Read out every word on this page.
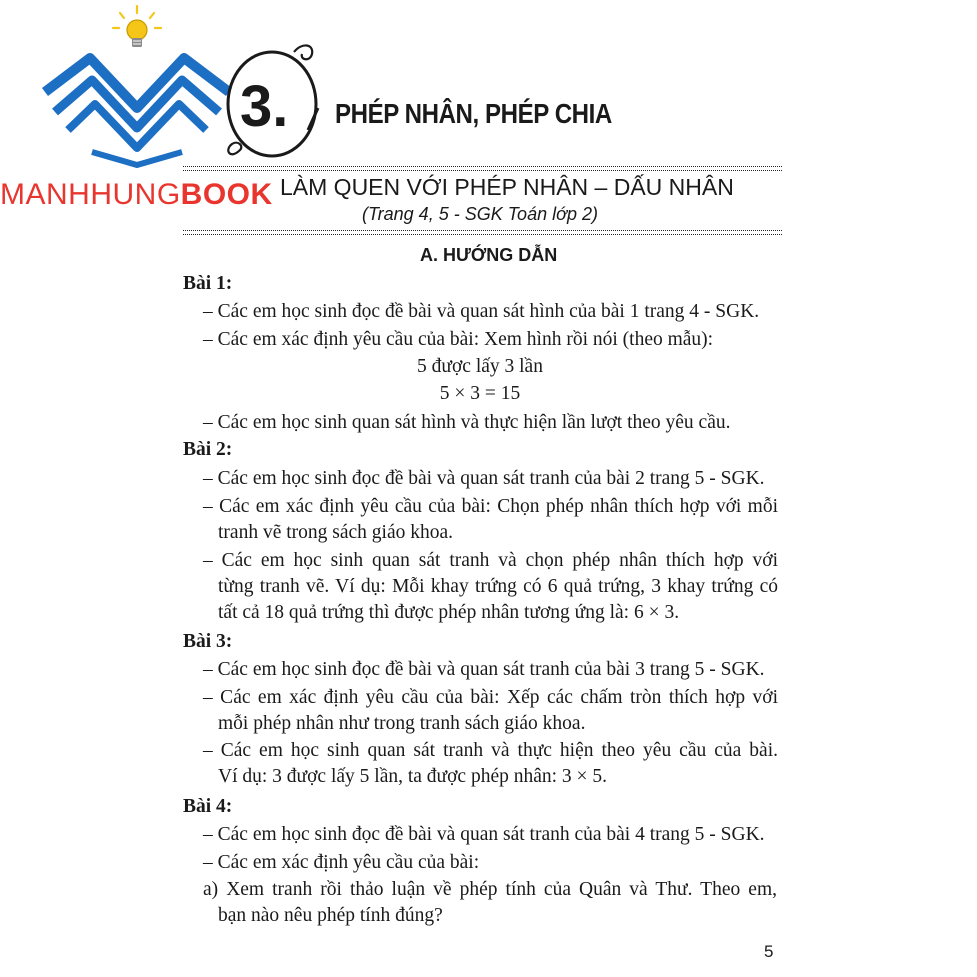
MANHHUNGBOOK
3. PHÉP NHÂN, PHÉP CHIA
LÀM QUEN VỚI PHÉP NHÂN – DẤU NHÂN
(Trang 4, 5 - SGK Toán lớp 2)
A. HƯỚNG DẪN
Bài 1:
– Các em học sinh đọc đề bài và quan sát hình của bài 1 trang 4 - SGK.
– Các em xác định yêu cầu của bài: Xem hình rồi nói (theo mẫu):
5 được lấy 3 lần
5 × 3 = 15
– Các em học sinh quan sát hình và thực hiện lần lượt theo yêu cầu.
Bài 2:
– Các em học sinh đọc đề bài và quan sát tranh của bài 2 trang 5 - SGK.
– Các em xác định yêu cầu của bài: Chọn phép nhân thích hợp với mỗi
tranh vẽ trong sách giáo khoa.
– Các em học sinh quan sát tranh và chọn phép nhân thích hợp với
từng tranh vẽ. Ví dụ: Mỗi khay trứng có 6 quả trứng, 3 khay trứng có
tất cả 18 quả trứng thì được phép nhân tương ứng là: 6 × 3.
Bài 3:
– Các em học sinh đọc đề bài và quan sát tranh của bài 3 trang 5 - SGK.
– Các em xác định yêu cầu của bài: Xếp các chấm tròn thích hợp với
mỗi phép nhân như trong tranh sách giáo khoa.
– Các em học sinh quan sát tranh và thực hiện theo yêu cầu của bài.
Ví dụ: 3 được lấy 5 lần, ta được phép nhân: 3 × 5.
Bài 4:
– Các em học sinh đọc đề bài và quan sát tranh của bài 4 trang 5 - SGK.
– Các em xác định yêu cầu của bài:
a) Xem tranh rồi thảo luận về phép tính của Quân và Thư. Theo em,
bạn nào nêu phép tính đúng?
5
